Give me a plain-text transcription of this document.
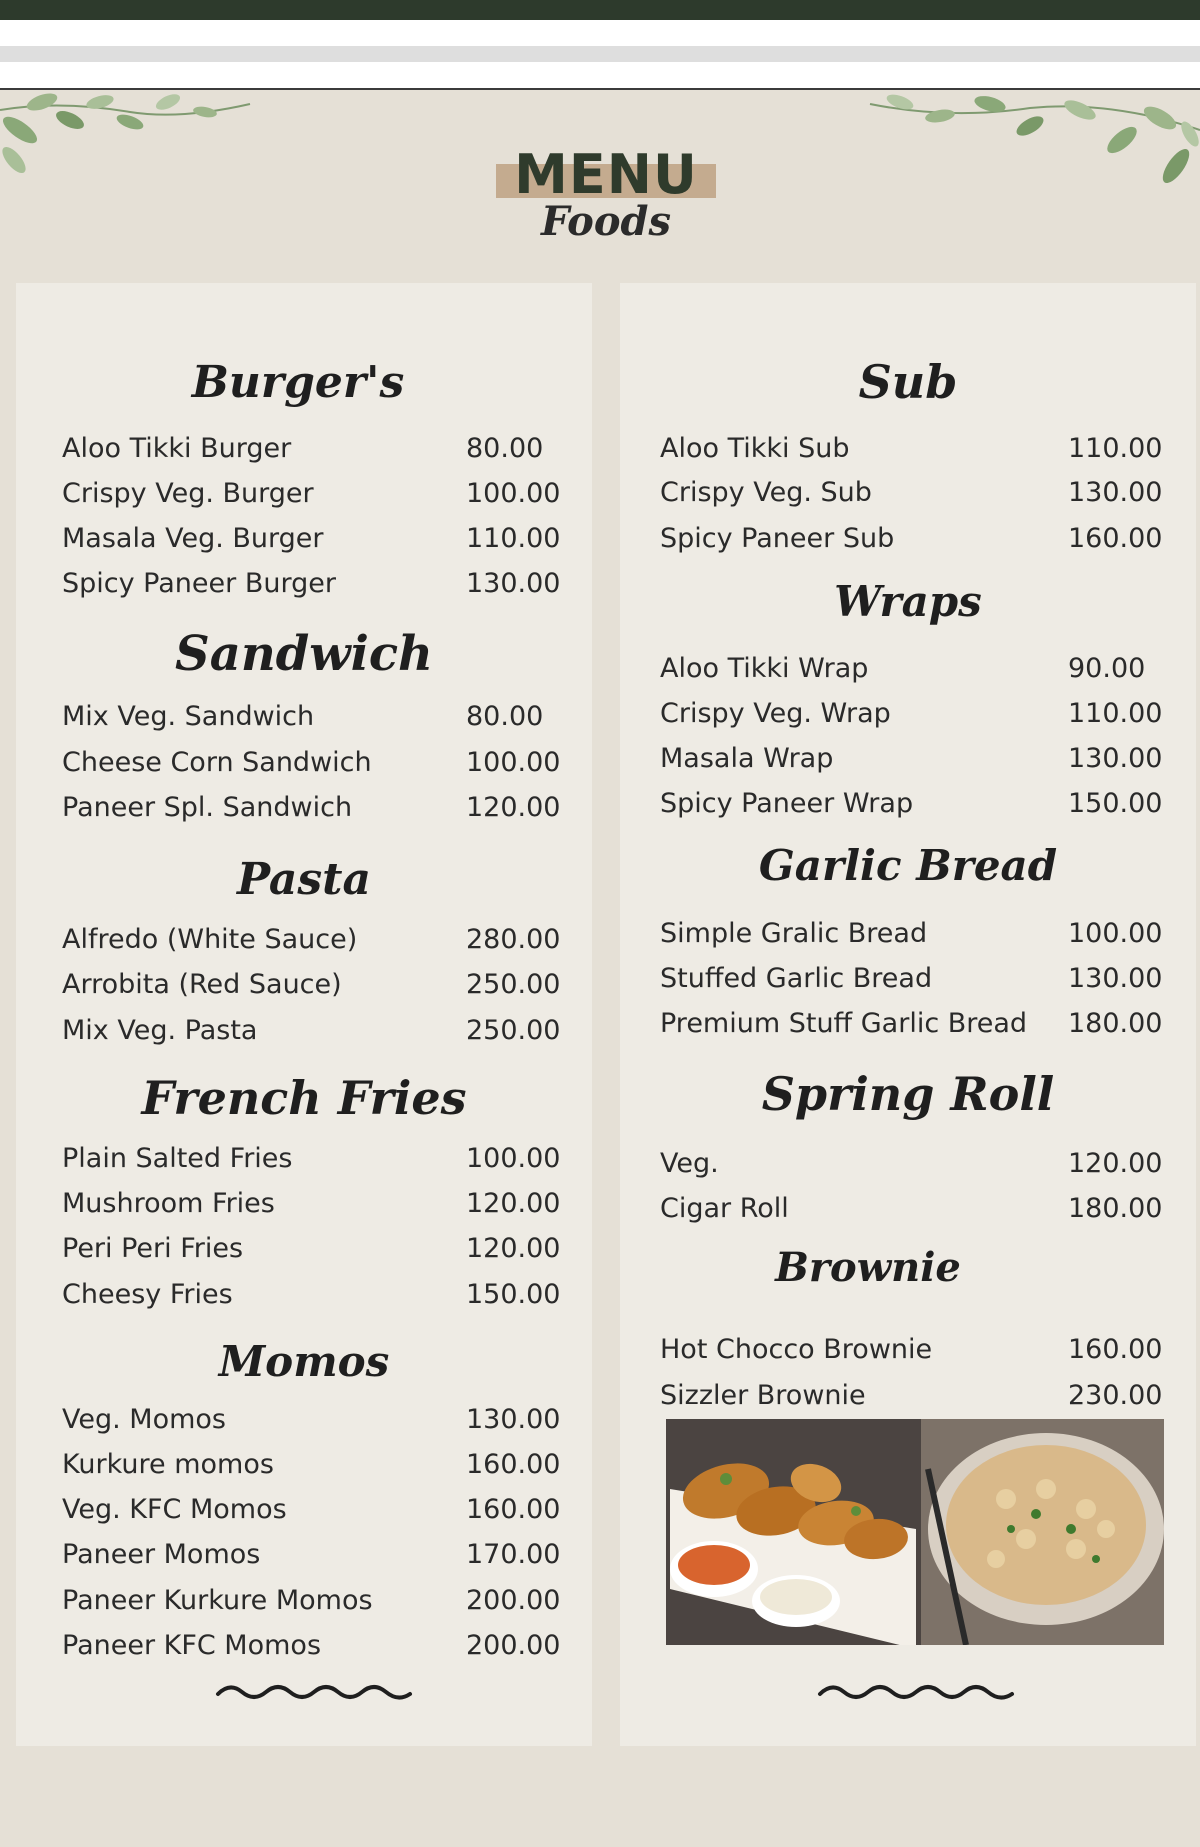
MENU
Foods
Burger's
Aloo Tikki Burger	80.00
Crispy Veg. Burger	100.00
Masala Veg. Burger	110.00
Spicy Paneer Burger	130.00
Sandwich
Mix Veg. Sandwich	80.00
Cheese Corn Sandwich	100.00
Paneer Spl. Sandwich	120.00
Pasta
Alfredo (White Sauce)	280.00
Arrobita (Red Sauce)	250.00
Mix Veg. Pasta	250.00
French Fries
Plain Salted Fries	100.00
Mushroom Fries	120.00
Peri Peri Fries	120.00
Cheesy Fries	150.00
Momos
Veg. Momos	130.00
Kurkure momos	160.00
Veg. KFC Momos	160.00
Paneer Momos	170.00
Paneer Kurkure Momos	200.00
Paneer KFC Momos	200.00
Sub
Aloo Tikki Sub	110.00
Crispy Veg. Sub	130.00
Spicy Paneer Sub	160.00
Wraps
Aloo Tikki Wrap	90.00
Crispy Veg. Wrap	110.00
Masala Wrap	130.00
Spicy Paneer Wrap	150.00
Garlic Bread
Simple Gralic Bread	100.00
Stuffed Garlic Bread	130.00
Premium Stuff Garlic Bread 180.00
Spring Roll
Veg.	120.00
Cigar Roll	180.00
Brownie
Hot Chocco Brownie	160.00
Sizzler Brownie	230.00
